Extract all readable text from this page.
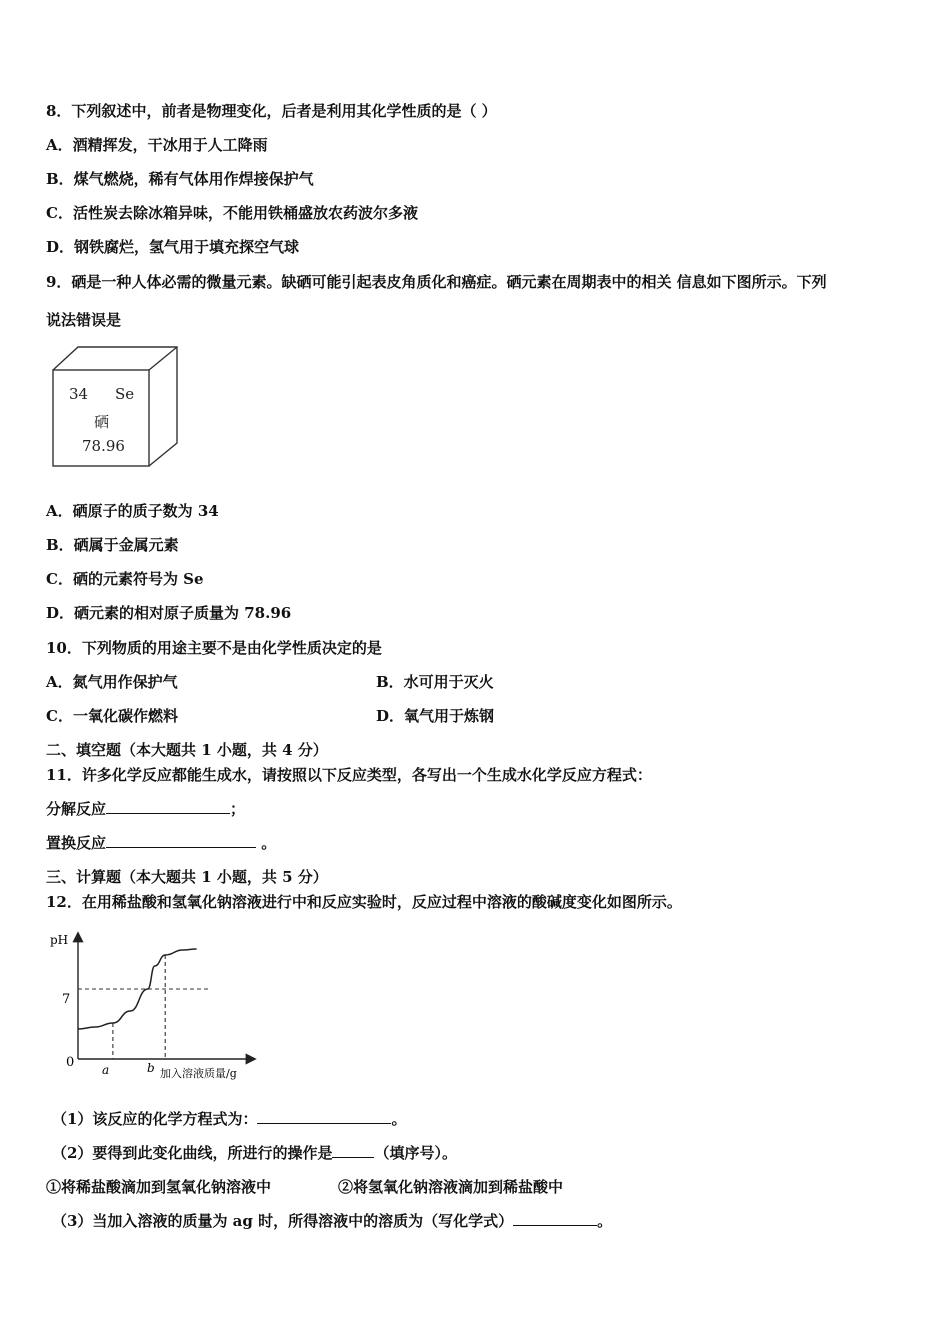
8．下列叙述中，前者是物理变化，后者是利用其化学性质的是（ ）
A．酒精挥发，干冰用于人工降雨
B．煤气燃烧，稀有气体用作焊接保护气
C．活性炭去除冰箱异味，不能用铁桶盛放农药波尔多液
D．钢铁腐烂，氢气用于填充探空气球
9．硒是一种人体必需的微量元素。缺硒可能引起表皮角质化和癌症。硒元素在周期表中的相关 信息如下图所示。下列
说法错误是
34 Se
硒
78.96
A．硒原子的质子数为 34
B．硒属于金属元素
C．硒的元素符号为 Se
D．硒元素的相对原子质量为 78.96
10．下列物质的用途主要不是由化学性质决定的是
A．氮气用作保护气	B．水可用于灭火
C．一氧化碳作燃料	D．氧气用于炼钢
二、填空题（本大题共 1 小题，共 4 分）
11．许多化学反应都能生成水，请按照以下反应类型，各写出一个生成水化学反应方程式：
分解反应	；
置换反应	。
三、计算题（本大题共 1 小题，共 5 分）
12．在用稀盐酸和氢氧化钠溶液进行中和反应实验时，反应过程中溶液的酸碱度变化如图所示。
pH
0
7
a	b 加入溶液质量/g
（1）该反应的化学方程式为：	。
（2）要得到此变化曲线，所进行的操作是	（填序号）。
①将稀盐酸滴加到氢氧化钠溶液中	②将氢氧化钠溶液滴加到稀盐酸中
（3）当加入溶液的质量为 ag 时，所得溶液中的溶质为（写化学式）	。
